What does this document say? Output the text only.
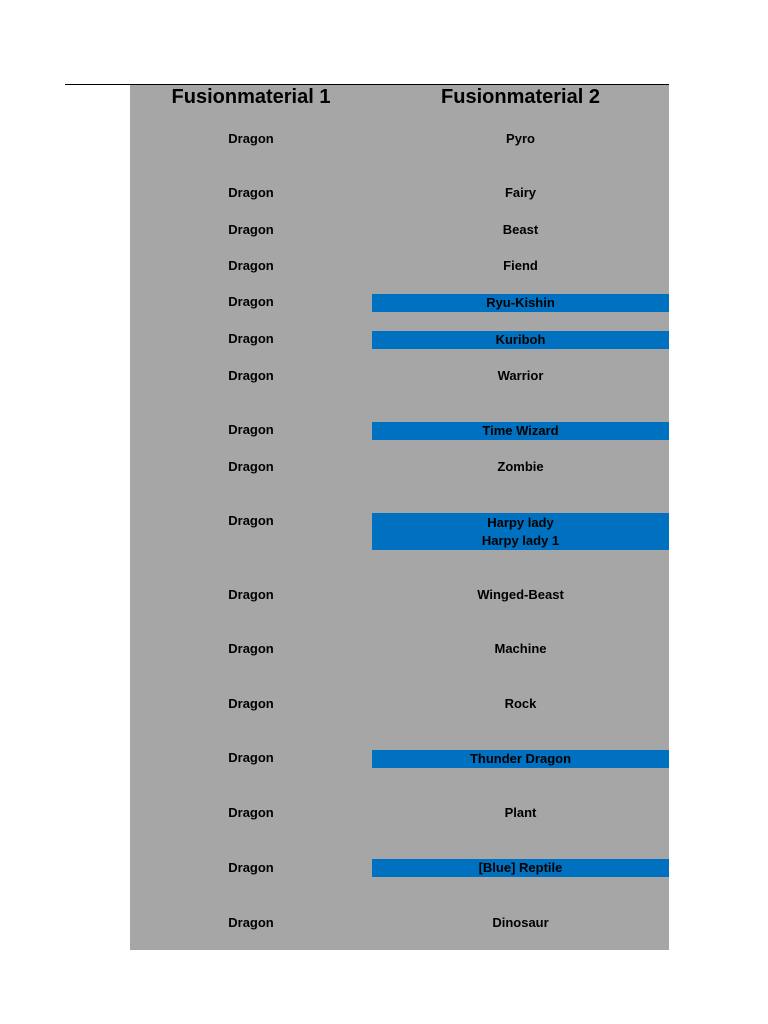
Fusionmaterial 1	Fusionmaterial 2
Dragon	Pyro
Dragon	Fairy
Dragon	Beast
Dragon	Fiend
Dragon	Ryu-Kishin
Dragon	Kuriboh
Dragon	Warrior
Dragon	Time Wizard
Dragon	Zombie
Dragon	Harpy lady
Harpy lady 1
Dragon	Winged-Beast
Dragon	Machine
Dragon	Rock
Dragon	Thunder Dragon
Dragon	Plant
Dragon	[Blue] Reptile
Dragon	Dinosaur
